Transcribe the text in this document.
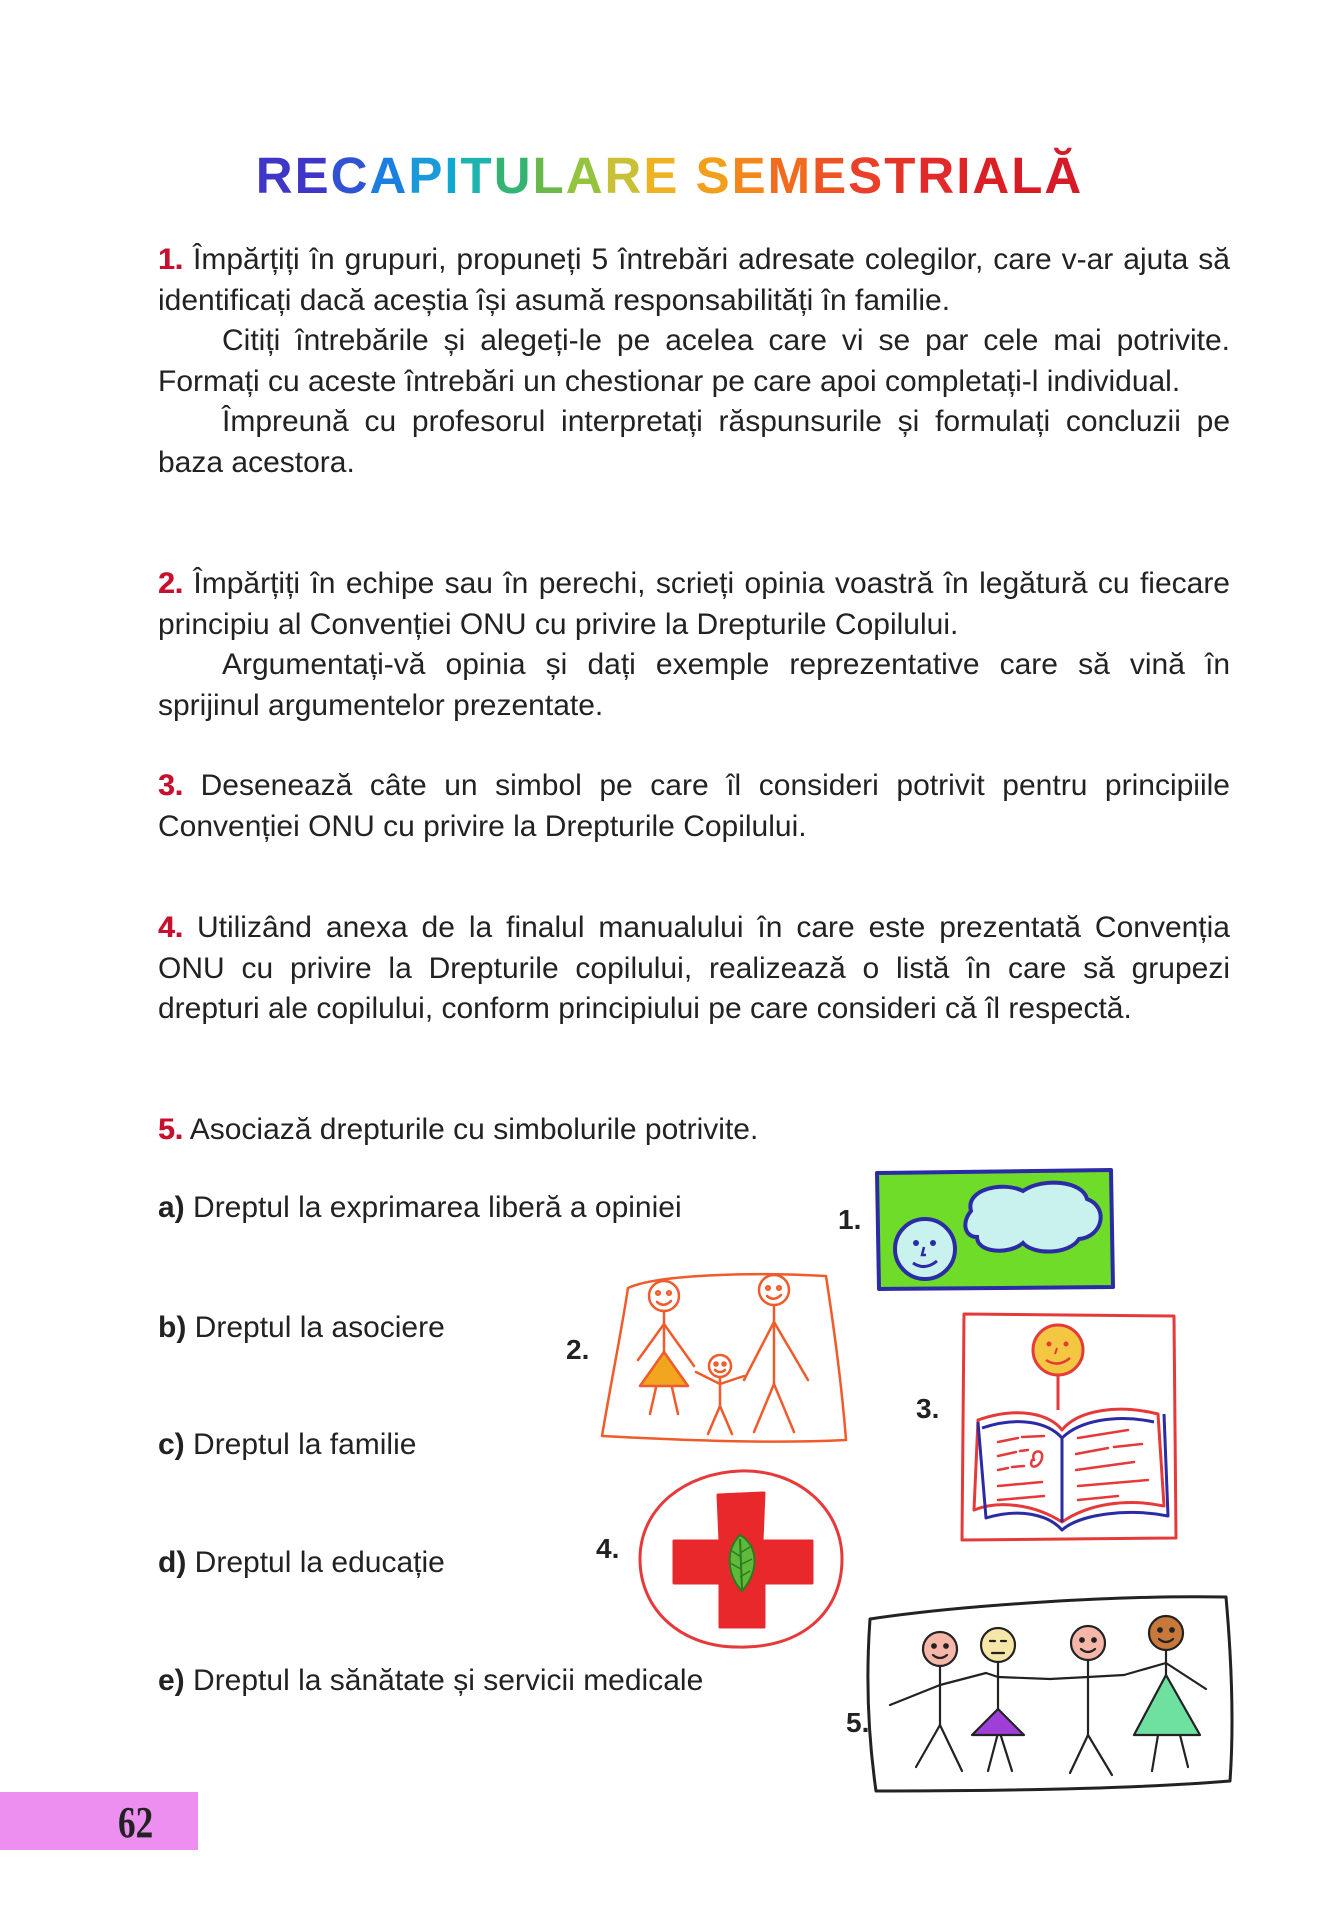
RECAPITULARE SEMESTRIALĂ

1. Împărțiți în grupuri, propuneți 5 întrebări adresate colegilor, care v-ar ajuta să identificați dacă aceștia își asumă responsabilități în familie.

Citiți întrebările și alegeți-le pe acelea care vi se par cele mai potrivite. Formați cu aceste întrebări un chestionar pe care apoi completați-l individual.

Împreună cu profesorul interpretați răspunsurile și formulați concluzii pe baza acestora.

2. Împărțiți în echipe sau în perechi, scrieți opinia voastră în legătură cu fiecare principiu al Convenției ONU cu privire la Drepturile Copilului.

Argumentați-vă opinia și dați exemple reprezentative care să vină în sprijinul argumentelor prezentate.

3. Desenează câte un simbol pe care îl consideri potrivit pentru principiile Convenției ONU cu privire la Drepturile Copilului.

4. Utilizând anexa de la finalul manualului în care este prezentată Convenția ONU cu privire la Drepturile copilului, realizează o listă în care să grupezi drepturi ale copilului, conform principiului pe care consideri că îl respectă.

5. Asociază drepturile cu simbolurile potrivite.

a) Dreptul la exprimarea liberă a opiniei
b) Dreptul la asociere
c) Dreptul la familie
d) Dreptul la educație
e) Dreptul la sănătate și servicii medicale
1.
2.
3.
4.
5.
62
